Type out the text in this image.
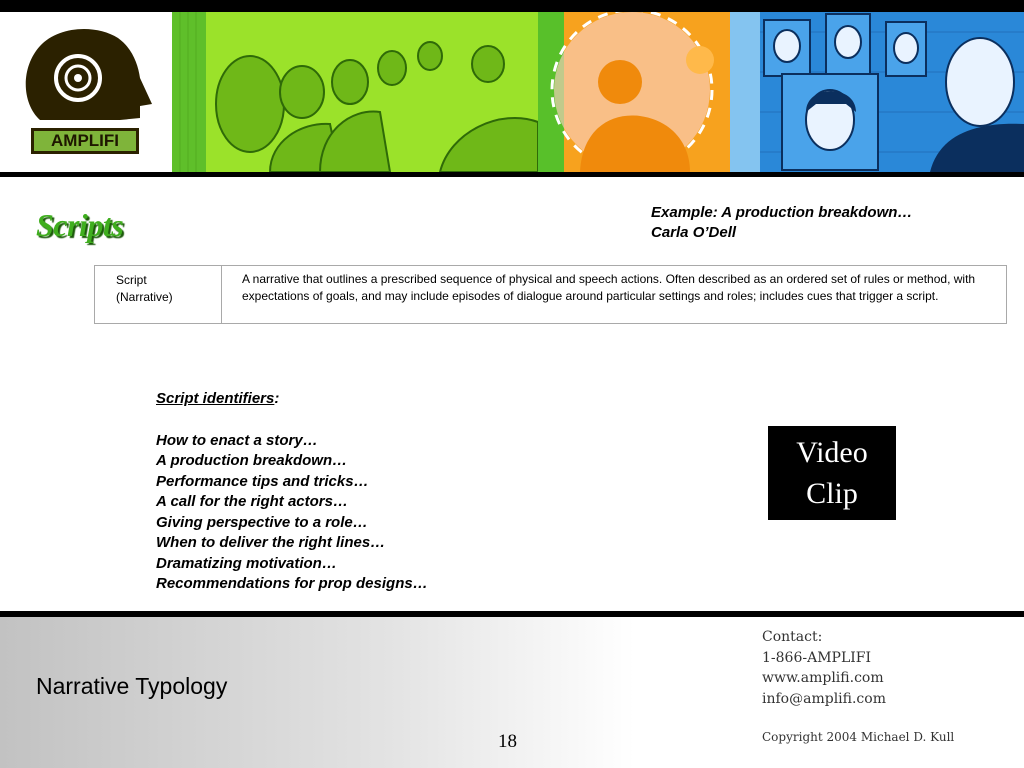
AMPLIFI
Scripts	Example: A production breakdown…
Carla O’Dell
Script
(Narrative)
A narrative that outlines a prescribed sequence of physical and speech actions. Often described as an ordered set of rules or method, with expectations of goals, and may include episodes of dialogue around particular settings and roles; includes cues that trigger a script.
Script identifiers:
How to enact a story…
A production breakdown…
Performance tips and tricks…
A call for the right actors…
Giving perspective to a role…
When to deliver the right lines…
Dramatizing motivation…
Recommendations for prop designs…
Video
Clip
Narrative Typology
18
Contact:
1-866-AMPLIFI
www.amplifi.com
info@amplifi.com
Copyright 2004 Michael D. Kull
